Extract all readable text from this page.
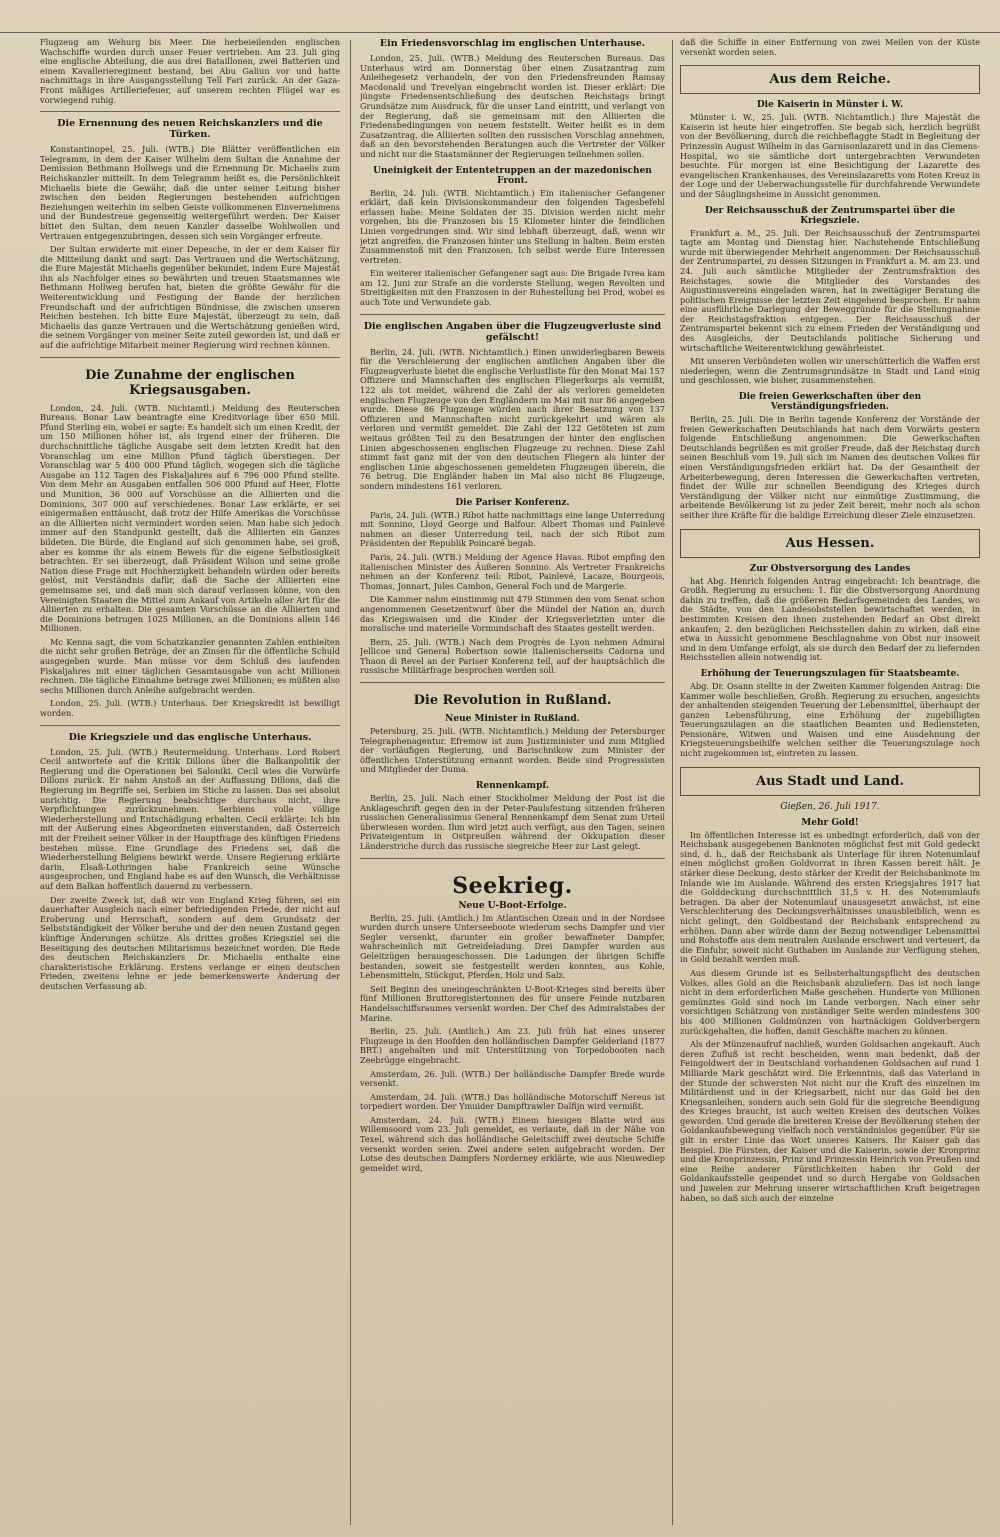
Flugzeug am Wehurg bis Meer. Die herbeieilenden englischen Wachschiffe wurden durch unser Feuer vertrieben. Am 23. Juli ging eine englische Abteilung, die aus drei Bataillonen, zwei Batterien und einem Kavallerieregiment bestand, bei Abu Galiun vor und hatte nachmittags in ihre Ausgangsstellung Tell Fari zurück. An der Gaza-Front mäßiges Artilleriefeuer, auf unserem rechten Flügel war es vorwiegend ruhig.

Die Ernennung des neuen Reichskanzlers und die Türken.

Konstantinopel, 25. Juli. (WTB.) Die Blätter veröffentlichen ein Telegramm, in dem der Kaiser Wilhelm dem Sultan die Annahme der Demission Bethmann Hollwegs und die Ernennung Dr. Michaelis zum Reichskanzler mitteilt. In dem Telegramm heißt es, die Persönlichkeit Michaelis biete die Gewähr, daß die unter seiner Leitung bisher zwischen den beiden Regierungen bestehenden aufrichtigen Beziehungen weiterhin im selben Geiste vollkommenen Einvernehmens und der Bundestreue gegenseitig weitergeführt werden. Der Kaiser bittet den Sultan, dem neuen Kanzler dasselbe Wohlwollen und Vertrauen entgegenzubringen, dessen sich sein Vorgänger erfreute.

Der Sultan erwiderte mit einer Depesche, in der er dem Kaiser für die Mitteilung dankt und sagt: Das Vertrauen und die Wertschätzung, die Eure Majestät Michaelis gegenüber bekundet, indem Eure Majestät ihn als Nachfolger eines so bewährten und treuen Staatsmannes wie Bethmann Hollweg berufen hat, bieten die größte Gewähr für die Weiterentwicklung und Festigung der Bande der herzlichen Freundschaft und der aufrichtigen Bündnisse, die zwischen unseren Reichen bestehen. Ich bitte Eure Majestät, überzeugt zu sein, daß Michaelis das ganze Vertrauen und die Wertschätzung genießen wird, die seinem Vorgänger von meiner Seite zuteil geworden ist, und daß er auf die aufrichtige Mitarbeit meiner Regierung wird rechnen können.

Die Zunahme der englischen Kriegsausgaben.

London, 24. Juli. (WTB. Nichtamtl.) Meldung des Reuterschen Bureaus. Bonar Law beantragte eine Kreditvorlage über 650 Mill. Pfund Sterling ein, wobei er sagte: Es handelt sich um einen Kredit, der um 150 Millionen höher ist, als irgend einer der früheren. Die durchschnittliche tägliche Ausgabe seit dem letzten Kredit hat den Voranschlag um eine Million Pfund täglich überstiegen. Der Voranschlag war 5 400 000 Pfund täglich, wogegen sich die tägliche Ausgabe an 112 Tagen des Fiskaljahres auf 6 796 000 Pfund stellte. Von dem Mehr an Ausgaben entfallen 506 000 Pfund auf Heer, Flotte und Munition, 36 000 auf Vorschüsse an die Alliierten und die Dominions, 307 000 auf verschiedenes. Bonar Law erklärte, er sei einigermaßen enttäuscht, daß trotz der Hilfe Amerikas die Vorschüsse an die Alliierten nicht vermindert worden seien. Man habe sich jedoch immer auf den Standpunkt gestellt, daß die Alliierten ein Ganzes bildeten. Die Bürde, die England auf sich genommen habe, sei groß, aber es komme ihr als einem Beweis für die eigene Selbstlosigkeit betrachten. Er sei überzeugt, daß Präsident Wilson und seine große Nation diese Frage mit Hochherzigkeit behandeln würden oder bereits gelöst, mit Verständnis dafür, daß die Sache der Alliierten eine gemeinsame sei, und daß man sich darauf verlassen könne, von den Vereinigten Staaten die Mittel zum Ankauf von Artikeln aller Art für die Alliierten zu erhalten. Die gesamten Vorschüsse an die Alliierten und die Dominions betrugen 1025 Millionen, an die Dominions allein 146 Millionen.

Mc Kenna sagt, die vom Schatzkanzler genannten Zahlen enthielten die nicht sehr großen Beträge, der an Zinsen für die öffentliche Schuld ausgegeben wurde. Man müsse vor dem Schluß des laufenden Fiskaljahres mit einer täglichen Gesamtausgabe von acht Millionen rechnen. Die tägliche Einnahme betrage zwei Millionen; es müßten also sechs Millionen durch Anleihe aufgebracht werden.

London, 25. Juli. (WTB.) Unterhaus. Der Kriegskredit ist bewilligt worden.

Die Kriegsziele und das englische Unterhaus.

London, 25. Juli. (WTB.) Reutermeldung. Unterhaus. Lord Robert Cecil antwortete auf die Kritik Dillons über die Balkanpolitik der Regierung und die Operationen bei Saloniki. Cecil wies die Vorwürfe Dillons zurück. Er nahm Anstoß an der Auffassung Dillons, daß die Regierung im Begriffe sei, Serbien im Stiche zu lassen. Das sei absolut unrichtig. Die Regierung beabsichtige durchaus nicht, ihre Verpflichtungen zurückzunehmen. Serbiens volle völlige Wiederherstellung und Entschädigung erhalten. Cecil erklärte: Ich bin mit der Äußerung eines Abgeordneten einverstanden, daß Österreich mit der Freiheit seiner Völker in der Hauptfrage des künftigen Friedens bestehen müsse. Eine Grundlage des Friedens sei, daß die Wiederherstellung Belgiens bewirkt werde. Unsere Regierung erklärte darin, Elsaß-Lothringen habe Frankreich seine Wünsche ausgesprochen, und England habe es auf den Wunsch, die Verhältnisse auf dem Balkan hoffentlich dauernd zu verbessern.

Der zweite Zweck ist, daß wir von England Krieg führen, sei ein dauerhafter Ausgleich nach einer befriedigenden Friede, der nicht auf Eroberung und Herrschaft, sondern auf dem Grundsatz der Selbstständigkeit der Völker beruhe und der den neuen Zustand gegen künftige Änderungen schütze. Als drittes großes Kriegsziel sei die Beseitigung des deutschen Militarismus bezeichnet worden. Die Rede des deutschen Reichskanzlers Dr. Michaelis enthalte eine charakteristische Erklärung. Erstens verlange er einen deutschen Frieden, zweitens lehne er jede bemerkenswerte Änderung der deutschen Verfassung ab.

Ein Friedensvorschlag im englischen Unterhause.

London, 25. Juli. (WTB.) Meldung des Reuterschen Bureaus. Das Unterhaus wird am Donnerstag über einen Zusatzantrag zum Anleihegesetz verhandeln, der von den Friedensfreunden Ramsay Macdonald und Trevelyan eingebracht worden ist. Dieser erklärt: Die jüngste Friedensentschließung des deutschen Reichstags bringt Grundsätze zum Ausdruck, für die unser Land eintritt, und verlangt von der Regierung, daß sie gemeinsam mit den Alliierten die Friedensbedingungen von neuem feststellt. Weiter heißt es in dem Zusatzantrag, die Alliierten sollten den russischen Vorschlag annehmen, daß an den bevorstehenden Beratungen auch die Vertreter der Völker und nicht nur die Staatsmänner der Regierungen teilnehmen sollen.

Uneinigkeit der Ententetruppen an der mazedonischen Front.

Berlin, 24. Juli. (WTB. Nichtamtlich.) Ein italienischer Gefangener erklärt, daß kein Divisionskommandeur den folgenden Tagesbefehl erlassen habe: Meine Soldaten der 35. Division werden nicht mehr vorgehen, bis die Franzosen bis 15 Kilometer hinter die feindlichen Linien vorgedrungen sind. Wir sind lebhaft überzeugt, daß, wenn wir jetzt angreifen, die Franzosen hinter uns Stellung in halten. Beim ersten Zusammenstoß mit den Franzosen. Ich selbst werde Eure Interessen vertreten.

Ein weiterer italienischer Gefangener sagt aus: Die Brigade Ivrea kam am 12. Juni zur Strafe an die vorderste Stellung, wegen Revolten und Streitigkeiten mit den Franzosen in der Ruhestellung bei Prod, wobei es auch Tote und Verwundete gab.

Die englischen Angaben über die Flugzeugverluste sind gefälscht!

Berlin, 24. Juli. (WTB. Nichtamtlich.) Einen unwiderlegbaren Beweis für die Verschleierung der englischen amtlichen Angaben über die Flugzeugverluste bietet die englische Verlustliste für den Monat Mai 157 Offiziere und Mannschaften des englischen Fliegerkorps als vermißt, 122 als tot meldet, während die Zahl der als verloren gemeldeten englischen Flugzeuge von den Engländern im Mai mit nur 86 angegeben wurde. Diese 86 Flugzeuge würden nach ihrer Besatzung von 137 Offizieren und Mannschaften nicht zurückgekehrt und wären als verloren und vermißt gemeldet. Die Zahl der 122 Getöteten ist zum weitaus größten Teil zu den Besatzungen der hinter den englischen Linien abgeschossenen englischen Flugzeuge zu rechnen. Diese Zahl stimmt fast ganz mit der von den deutschen Fliegern als hinter der englischen Linie abgeschossenen gemeldeten Flugzeugen überein, die 76 betrug. Die Engländer haben im Mai also nicht 86 Flugzeuge, sondern mindestens 161 verloren.

Die Pariser Konferenz.

Paris, 24. Juli. (WTB.) Ribot hatte nachmittags eine lange Unterredung mit Sonnino, Lloyd George und Balfour. Albert Thomas und Painlevé nahmen an dieser Unterredung teil, nach der sich Ribot zum Präsidenten der Republik Poincaré begab.

Paris, 24. Juli. (WTB.) Meldung der Agence Havas. Ribot empfing den italienischen Minister des Äußeren Sonnino. Als Vertreter Frankreichs nehmen an der Konferenz teil: Ribot, Painlevé, Lacaze, Bourgeois, Thomas, Jonnart, Jules Cambon, General Foch und de Margerie.

Die Kammer nahm einstimmig mit 479 Stimmen den vom Senat schon angenommenen Gesetzentwurf über die Mündel der Nation an, durch das Kriegswaisen und die Kinder der Kriegsverletzten unter die moralische und materielle Vormundschaft des Staates gestellt werden.

Bern, 25. Juli. (WTB.) Nach dem Progrès de Lyon nehmen Admiral Jellicoe und General Robertson sowie italienischerseits Cadorna und Thaon di Revel an der Pariser Konferenz teil, auf der hauptsächlich die russische Militärfrage besprochen werden soll.

Die Revolution in Rußland.
Neue Minister in Rußland.

Petersburg, 25. Juli. (WTB. Nichtamtlich.) Meldung der Petersburger Telegraphenagentur. Efremow ist zum Justizminister und zum Mitglied der vorläufigen Regierung, und Barischnikow zum Minister der öffentlichen Unterstützung ernannt worden. Beide sind Progressisten und Mitglieder der Duma.

Rennenkampf.

Berlin, 25. Juli. Nach einer Stockholmer Meldung der Post ist die Anklageschrift gegen den in der Peter-Paulsfestung sitzenden früheren russischen Generalissimus General Rennenkampf dem Senat zum Urteil überwiesen worden. Ihm wird jetzt auch verfügt, aus den Tagen, seinen Privateigentum in Ostpreußen während der Okkupation dieser Länderstriche durch das russische siegreiche Heer zur Last gelegt.

Seekrieg.
Neue U-Boot-Erfolge.

Berlin, 25. Juli. (Amtlich.) Im Atlantischen Ozean und in der Nordsee wurden durch unsere Unterseeboote wiederum sechs Dampfer und vier Segler versenkt, darunter ein großer bewaffneter Dampfer, wahrscheinlich mit Getreideladung. Drei Dampfer wurden aus Geleitzügen herausgeschossen. Die Ladungen der übrigen Schiffe bestanden, soweit sie festgestellt werden konnten, aus Kohle, Lebensmitteln, Stückgut, Pferden, Holz und Salz.

Seit Beginn des uneingeschränkten U-Boot-Krieges sind bereits über fünf Millionen Bruttoregistertonnen des für unsere Feinde nutzbaren Handelsschiffsraumes versenkt worden. Der Chef des Admiralstabes der Marine.

Berlin, 25. Juli. (Amtlich.) Am 23. Juli früh hat eines unserer Flugzeuge in den Hoofden den holländischen Dampfer Gelderland (1877 BRT.) angehalten und mit Unterstützung von Torpedobooten nach Zeebrügge eingebracht.

Amsterdam, 26. Juli. (WTB.) Der holländische Dampfer Brede wurde versenkt.

Amsterdam, 24. Juli. (WTB.) Das holländische Motorschiff Nereus ist torpediert worden. Der Ymuider Dampftrawler Dalfijn wird vermißt.

Amsterdam, 24. Juli. (WTB.) Einem hiesigen Blatte wird aus Willemsoord vom 23. Juli gemeldet, es verlaute, daß in der Nähe von Texel, während sich das holländische Geleitschiff zwei deutsche Schiffe versenkt worden seien. Zwei andere seien aufgebracht worden. Der Lotse des deutschen Dampfers Norderney erklärte, wie aus Nieuwediep gemeldet wird,

daß die Schiffe in einer Entfernung von zwei Meilen von der Küste versenkt worden seien.

Aus dem Reiche.
Die Kaiserin in Münster i. W.

Münster i. W., 25. Juli. (WTB. Nichtamtlich.) Ihre Majestät die Kaiserin ist heute hier eingetroffen. Sie begab sich, herzlich begrüßt von der Bevölkerung, durch die reichbeflaggte Stadt in Begleitung der Prinzessin August Wilhelm in das Garnisonlazarett und in das Clemens-Hospital, wo sie sämtliche dort untergebrachten Verwundeten besuchte. Für morgen ist eine Besichtigung der Lazarette des evangelischen Krankenhauses, des Vereinslazaretts vom Roten Kreuz in der Loge und der Ueberwachungsstelle für durchfahrende Verwundete und der Säuglingsheime in Aussicht genommen.

Der Reichsausschuß der Zentrumspartei über die Kriegsziele.

Frankfurt a. M., 25. Juli. Der Reichsausschuß der Zentrumspartei tagte am Montag und Dienstag hier. Nachstehende Entschließung wurde mit überwiegender Mehrheit angenommen: Der Reichsausschuß der Zentrumspartei, zu dessen Sitzungen in Frankfurt a. M. am 23. und 24. Juli auch sämtliche Mitglieder der Zentrumsfraktion des Reichstages, sowie die Mitglieder des Vorstandes des Augustinusvereins eingeladen waren, hat in zweitägiger Beratung die politischen Ereignisse der letzten Zeit eingehend besprochen. Er nahm eine ausführliche Darlegung der Beweggründe für die Stellungnahme der Reichstagsfraktion entgegen. Der Reichsausschuß der Zentrumspartei bekennt sich zu einem Frieden der Verständigung und des Ausgleichs, der Deutschlands politische Sicherung und wirtschaftliche Weiterentwicklung gewährleistet.

Mit unseren Verbündeten wollen wir unerschütterlich die Waffen erst niederlegen, wenn die Zentrumsgrundsätze in Stadt und Land einig und geschlossen, wie bisher, zusammenstehen.

Die freien Gewerkschaften über den Verständigungsfrieden.

Berlin, 25. Juli. Die in Berlin tagende Konferenz der Vorstände der freien Gewerkschaften Deutschlands hat nach dem Vorwärts gestern folgende Entschließung angenommen: Die Gewerkschaften Deutschlands begrüßen es mit großer Freude, daß der Reichstag durch seinen Beschluß vom 19. Juli sich im Namen des deutschen Volkes für einen Verständigungsfrieden erklärt hat. Da der Gesamtheit der Arbeiterbewegung, deren Interessen die Gewerkschaften vertreten, findet der Wille zur schnellen Beendigung des Krieges durch Verständigung der Völker nicht nur einmütige Zustimmung, die arbeitende Bevölkerung ist zu jeder Zeit bereit, mehr noch als schon seither ihre Kräfte für die baldige Erreichung dieser Ziele einzusetzen.

Aus Hessen.
Zur Obstversorgung des Landes

hat Abg. Henrich folgenden Antrag eingebracht: Ich beantrage, die Großh. Regierung zu ersuchen: 1. für die Obstversorgung Anordnung dahin zu treffen, daß die größeren Bedarfsgemeinden des Landes, wo die Städte, von den Landesobststellen bewirtschaftet werden, in bestimmten Kreisen den ihnen zustehenden Bedarf an Obst direkt ankaufen; 2. den bezüglichen Reichsstellen dahin zu wirken, daß eine etwa in Aussicht genommene Beschlagnahme von Obst nur insoweit und in dem Umfange erfolgt, als sie durch den Bedarf der zu liefernden Reichsstellen allein notwendig ist.

Erhöhung der Teuerungszulagen für Staatsbeamte.

Abg. Dr. Osann stellte in der Zweiten Kammer folgenden Antrag: Die Kammer wolle beschließen, Großh. Regierung zu ersuchen, angesichts der anhaltenden steigenden Teuerung der Lebensmittel, überhaupt der ganzen Lebensführung, eine Erhöhung der zugebilligten Teuerungszulagen an die staatlichen Beamten und Bediensteten, Pensionäre, Witwen und Waisen und eine Ausdehnung der Kriegsteuerungsbeihilfe welchen seither die Teuerungszulage noch nicht zugekommen ist, eintreten zu lassen.

Aus Stadt und Land.
Gießen, 26. Juli 1917.
Mehr Gold!

Im öffentlichen Interesse ist es unbedingt erforderlich, daß von der Reichsbank ausgegebenen Banknoten möglichst fest mit Gold gedeckt sind, d. h., daß der Reichsbank als Unterlage für ihren Notenumlauf einen möglichst großen Goldvorrat in ihren Kassen bereit hält. Je stärker diese Deckung, desto stärker der Kredit der Reichsbanknote im Inlande wie im Auslande. Während des ersten Kriegsjahres 1917 hat die Golddeckung durchschnittlich 31,5 v. H. des Notenumlaufs betragen. Da aber der Notenumlauf unausgesetzt anwächst, ist eine Verschlechterung des Deckungsverhältnisses unausbleiblich, wenn es nicht gelingt, den Goldbestand der Reichsbank entsprechend zu erhöhen. Dann aber würde dann der Bezug notwendiger Lebensmittel und Rohstoffe aus dem neutralen Auslande erschwert und verteuert, da die Einfuhr, soweit nicht Guthaben im Auslande zur Verfügung stehen, in Gold bezahlt werden muß.

Aus diesem Grunde ist es Selbsterhaltungspflicht des deutschen Volkes, alles Gold an die Reichsbank abzuliefern. Das ist noch lange nicht in dem erforderlichen Maße geschehen. Hunderte von Millionen gemünztes Gold sind noch im Lande verborgen. Nach einer sehr vorsichtigen Schätzung von zuständiger Seite werden mindestens 300 bis 400 Millionen Goldmünzen von hartnäckigen Goldverbergern zurückgehalten, die hoffen, damit Geschäfte machen zu können.

Als der Münzenaufruf nachließ, wurden Goldsachen angekauft. Auch deren Zufluß ist recht bescheiden, wenn man bedenkt, daß der Feingoldwert der in Deutschland vorhandenen Goldsachen auf rund 1 Milliarde Mark geschätzt wird. Die Erkenntnis, daß das Vaterland in der Stunde der schwersten Not nicht nur die Kraft des einzelnen im Militärdienst und in der Kriegsarbeit, nicht nur das Gold bei den Kriegsanleihen, sondern auch sein Gold für die siegreiche Beendigung des Krieges braucht, ist auch weiten Kreisen des deutschen Volkes geworden. Und gerade die breiteren Kreise der Bevölkerung stehen der Goldankaufsbewegung vielfach noch verständnislos gegenüber. Für sie gilt in erster Linie das Wort unseres Kaisers. Ihr Kaiser gab das Beispiel. Die Fürsten, der Kaiser und die Kaiserin, sowie der Kronprinz und die Kronprinzessin, Prinz und Prinzessin Heinrich von Preußen und eine Reihe anderer Fürstlichkeiten haben ihr Gold der Goldankaufsstelle gespendet und so durch Hergabe von Goldsachen und Juwelen zur Mehrung unserer wirtschaftlichen Kraft beigetragen haben, so daß sich auch der einzelne
